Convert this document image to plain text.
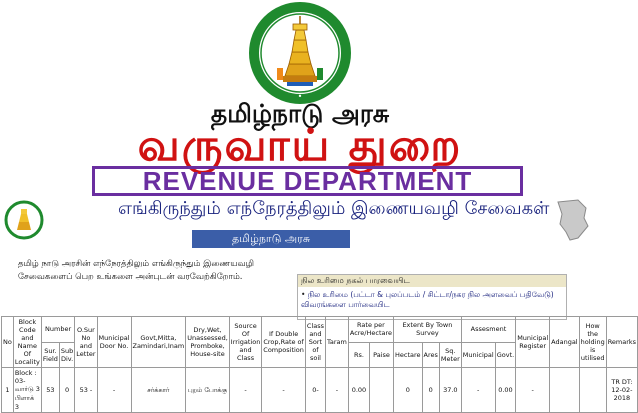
•
தமிழ்நாடு அரசு
வருவாய் துறை
REVENUE DEPARTMENT
எங்கிருந்தும் எந்நேரத்திலும் இணையவழி சேவைகள்
தமிழ்நாடு அரசு
தமிழ் நாடு அரசின் எந்நேரத்திலும் எங்கிருந்தும் இணையவழி சேவைகளைப் பெற உங்களை அன்புடன் வரவேற்கிறோம்.	நில உரிமை நகல் பாரவையிட
• நில உரிமை (பட்டா & புலப்படம் / சிட்டா/நகர நில அளவைப் பதிவேடு) விவரங்களை பார்வையிட
No	Block Code and Name Of Locality	Number		O.Sur No and Letter	Municipal Door No.	Govt,Mitta, Zamindari,Inam	Dry,Wet, Unassessed, Promboke, House-site	Source Of Irrigation and Class	If Double Crop,Rate of Composition	Class and Sort of soil	Taram	Rate per Acre/Hectare		Extent By Town Survey			Assesment		Municipal Register	Adangal	How the holding is utilised	Remarks
		Sur. Field	Sub Div.									Rs.	Paise	Hectare	Ares	Sq. Meter	Municipal	Govt.				
1	Block : 03- வார்டு 3 பிளாக் 3	53	0	53 -	-	சர்க்கார்	புறம் போக்கு	-	-	0-	-	0.00		0	0	37.0	-	0.00	-			TR DT: 12-02-2018
